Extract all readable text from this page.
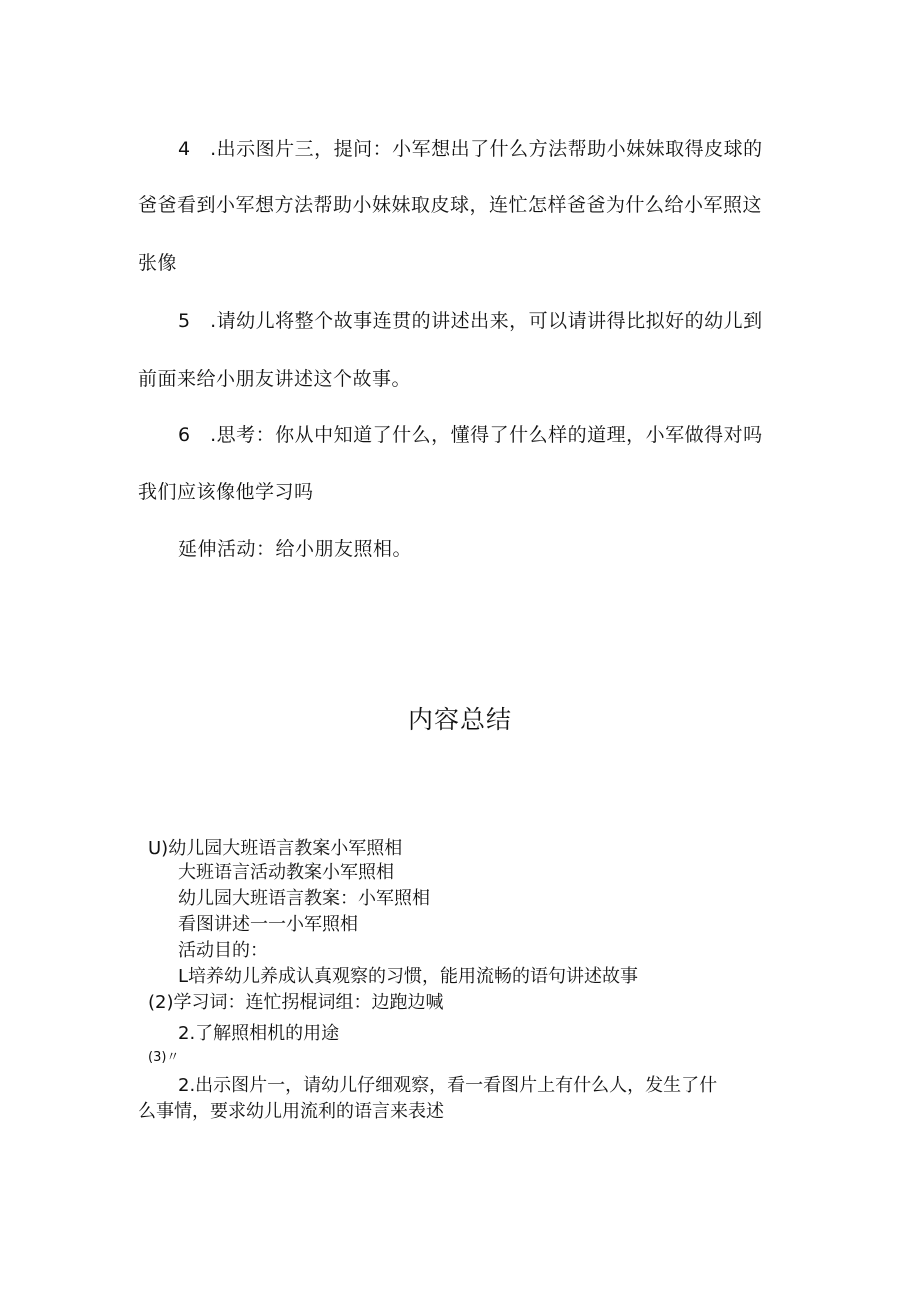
4　.出示图片三，提问：小军想出了什么方法帮助小妹妹取得皮球的
爸爸看到小军想方法帮助小妹妹取皮球，连忙怎样爸爸为什么给小军照这
张像
5　.请幼儿将整个故事连贯的讲述出来，可以请讲得比拟好的幼儿到
前面来给小朋友讲述这个故事。
6　.思考：你从中知道了什么，懂得了什么样的道理，小军做得对吗
我们应该像他学习吗
延伸活动：给小朋友照相。
内容总结
U)幼儿园大班语言教案小军照相
大班语言活动教案小军照相
幼儿园大班语言教案：小军照相
看图讲述一一小军照相
活动目的：
L培养幼儿养成认真观察的习惯，能用流畅的语句讲述故事
(2)学习词：连忙拐棍词组：边跑边喊
2.了解照相机的用途
(3)〃
2.出示图片一，请幼儿仔细观察，看一看图片上有什么人，发生了什
么事情，要求幼儿用流利的语言来表述
